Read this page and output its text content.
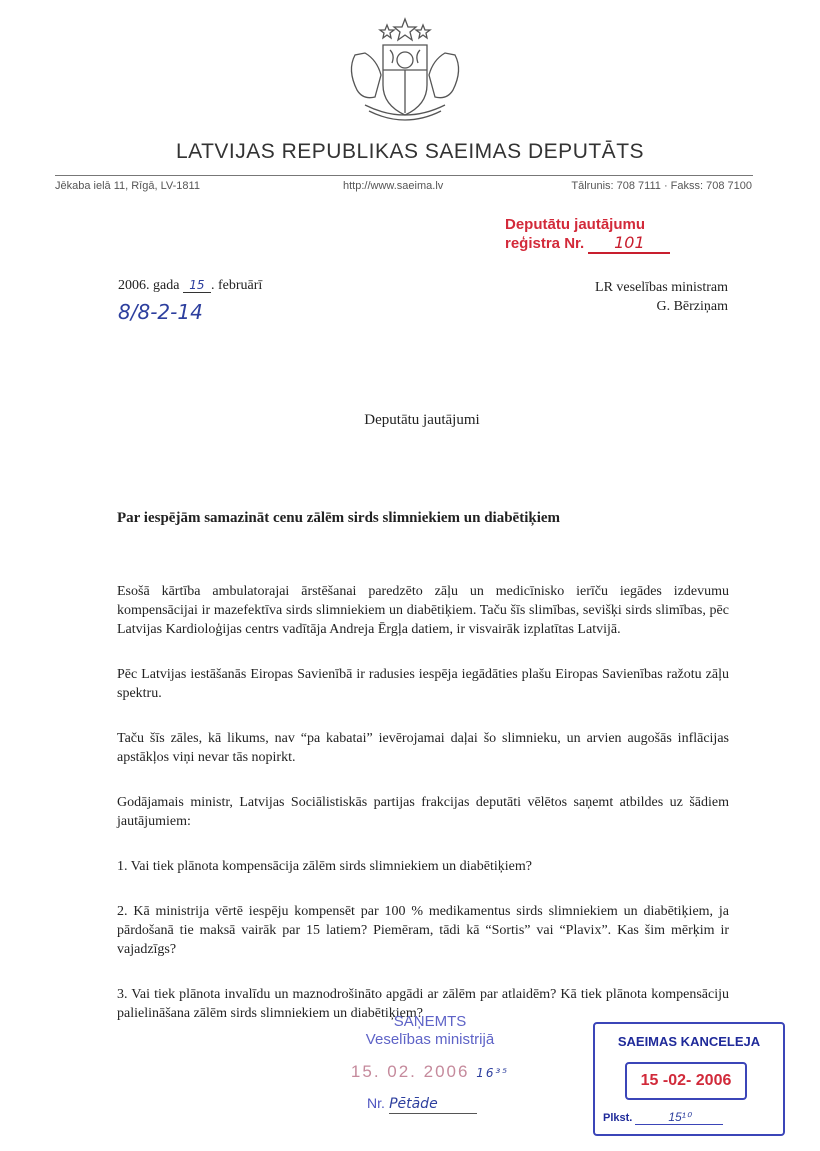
LATVIJAS REPUBLIKAS SAEIMAS DEPUTĀTS
Jēkaba ielā 11, Rīgā, LV-1811	http://www.saeima.lv	Tālrunis: 708 7111 · Fakss: 708 7100
Deputātu jautājumu
reģistra Nr. 101
2006. gada 15 . februārī
8/8-2-14
LR veselības ministram
G. Bērziņam
Deputātu jautājumi
Par iespējām samazināt cenu zālēm sirds slimniekiem un diabētiķiem

Esošā kārtība ambulatorajai ārstēšanai paredzēto zāļu un medicīnisko ierīču iegādes izdevumu kompensācijai ir mazefektīva sirds slimniekiem un diabētiķiem. Taču šīs slimības, sevišķi sirds slimības, pēc Latvijas Kardioloģijas centrs vadītāja Andreja Ērgļa datiem, ir visvairāk izplatītas Latvijā.

Pēc Latvijas iestāšanās Eiropas Savienībā ir radusies iespēja iegādāties plašu Eiropas Savienības ražotu zāļu spektru.

Taču šīs zāles, kā likums, nav “pa kabatai” ievērojamai daļai šo slimnieku, un arvien augošās inflācijas apstākļos viņi nevar tās nopirkt.

Godājamais ministr, Latvijas Sociālistiskās partijas frakcijas deputāti vēlētos saņemt atbildes uz šādiem jautājumiem:

1. Vai tiek plānota kompensācija zālēm sirds slimniekiem un diabētiķiem?

2. Kā ministrija vērtē iespēju kompensēt par 100 % medikamentus sirds slimniekiem un diabētiķiem, ja pārdošanā tie maksā vairāk par 15 latiem? Piemēram, tādi kā “Sortis” vai “Plavix”. Kas šim mērķim ir vajadzīgs?

3. Vai tiek plānota invalīdu un maznodrošināto apgādi ar zālēm par atlaidēm? Kā tiek plānota kompensāciju palielināšana zālēm sirds slimniekiem un diabētiķiem?

SAŅEMTS
Veselības ministrijā
15. 02. 2006 16³⁵
Nr. Pētāde
SAEIMAS KANCELEJA
15 -02- 2006
Plkst.	15¹⁰
